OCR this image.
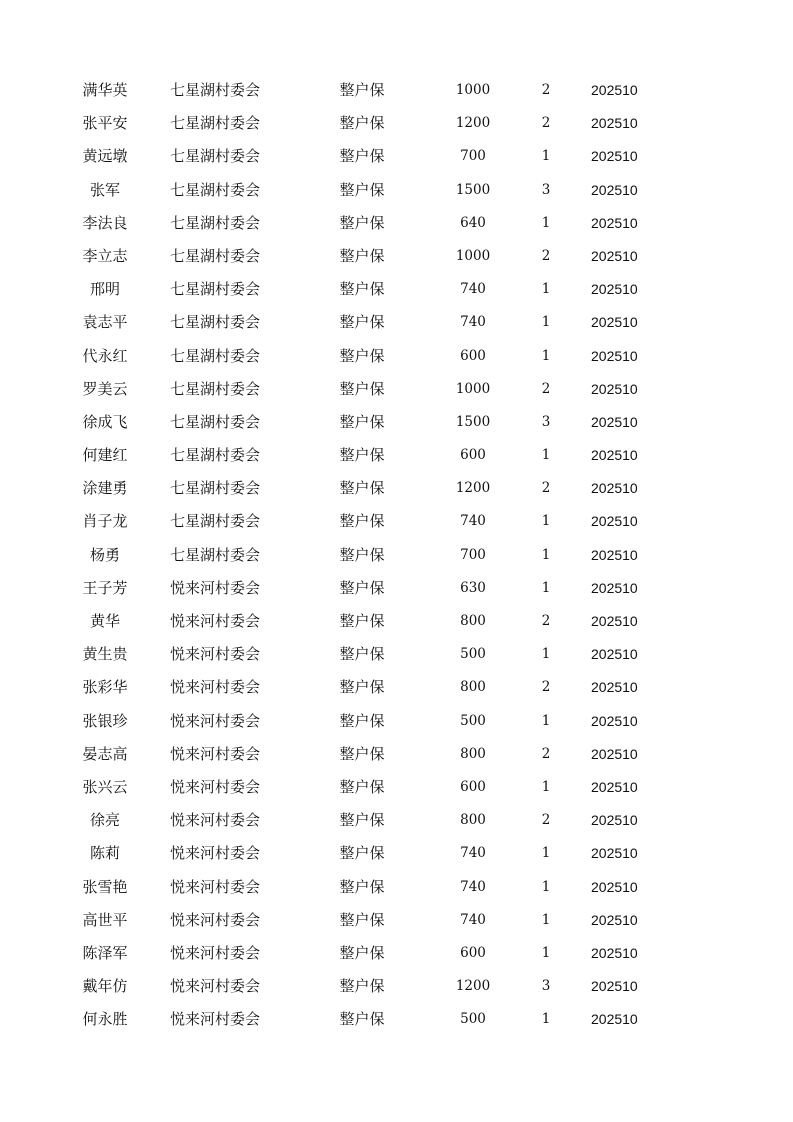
满华英	七星湖村委会	整户保	1000	2	202510
张平安	七星湖村委会	整户保	1200	2	202510
黄远墩	七星湖村委会	整户保	700	1	202510
张军	七星湖村委会	整户保	1500	3	202510
李法良	七星湖村委会	整户保	640	1	202510
李立志	七星湖村委会	整户保	1000	2	202510
邢明	七星湖村委会	整户保	740	1	202510
袁志平	七星湖村委会	整户保	740	1	202510
代永红	七星湖村委会	整户保	600	1	202510
罗美云	七星湖村委会	整户保	1000	2	202510
徐成飞	七星湖村委会	整户保	1500	3	202510
何建红	七星湖村委会	整户保	600	1	202510
涂建勇	七星湖村委会	整户保	1200	2	202510
肖子龙	七星湖村委会	整户保	740	1	202510
杨勇	七星湖村委会	整户保	700	1	202510
王子芳	悦来河村委会	整户保	630	1	202510
黄华	悦来河村委会	整户保	800	2	202510
黄生贵	悦来河村委会	整户保	500	1	202510
张彩华	悦来河村委会	整户保	800	2	202510
张银珍	悦来河村委会	整户保	500	1	202510
晏志高	悦来河村委会	整户保	800	2	202510
张兴云	悦来河村委会	整户保	600	1	202510
徐亮	悦来河村委会	整户保	800	2	202510
陈莉	悦来河村委会	整户保	740	1	202510
张雪艳	悦来河村委会	整户保	740	1	202510
高世平	悦来河村委会	整户保	740	1	202510
陈泽军	悦来河村委会	整户保	600	1	202510
戴年仿	悦来河村委会	整户保	1200	3	202510
何永胜	悦来河村委会	整户保	500	1	202510
